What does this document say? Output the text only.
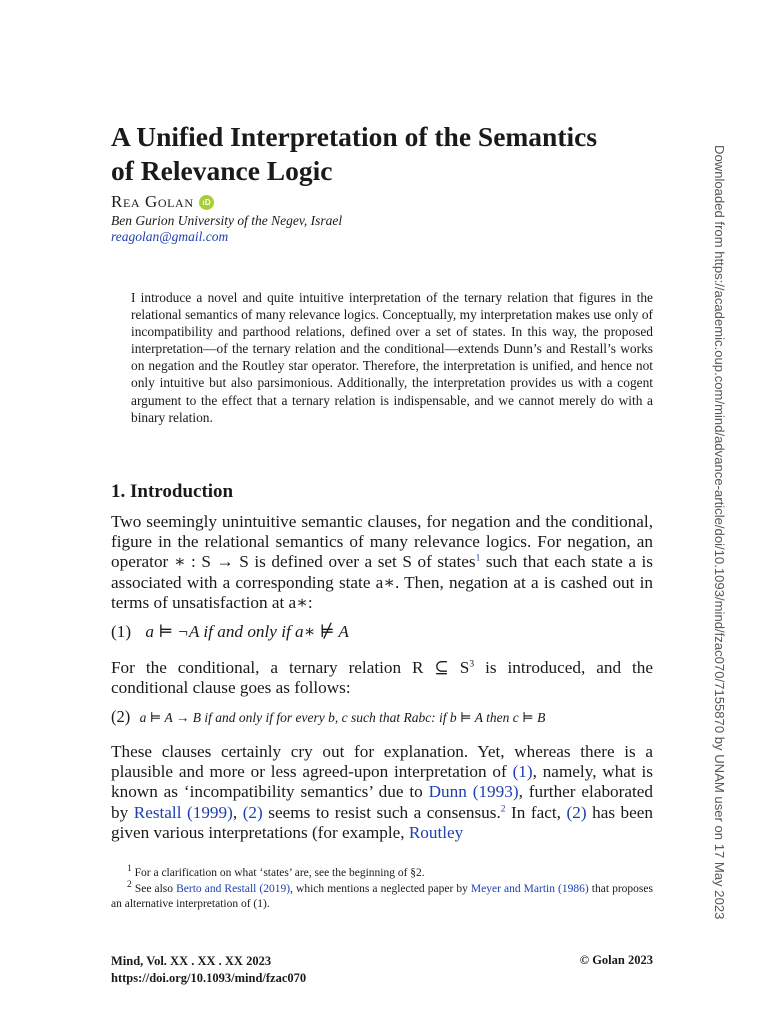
Downloaded from https://academic.oup.com/mind/advance-article/doi/10.1093/mind/fzac070/7155870 by UNAM user on 17 May 2023
A Unified Interpretation of the Semantics
of Relevance Logic
Rea Golan iD
Ben Gurion University of the Negev, Israel
reagolan@gmail.com

I introduce a novel and quite intuitive interpretation of the ternary relation that figures in the relational semantics of many relevance logics. Conceptually, my interpretation makes use only of incompatibility and parthood relations, defined over a set of states. In this way, the proposed interpretation—of the ternary relation and the conditional—extends Dunn’s and Restall’s works on negation and the Routley star operator. Therefore, the interpretation is unified, and hence not only intuitive but also parsimonious. Additionally, the interpretation provides us with a cogent argument to the effect that a ternary relation is indispensable, and we cannot merely do with a binary relation.

1. Introduction

Two seemingly unintuitive semantic clauses, for negation and the conditional, figure in the relational semantics of many relevance logics. For negation, an operator ∗ : S → S is defined over a set S of states$^1$ such that each state a is associated with a corresponding state a∗. Then, negation at a is cashed out in terms of unsatisfaction at a∗:

(1) a ⊨ ¬A if and only if a∗ ⊭ A

For the conditional, a ternary relation R ⊆ $S^3$ is introduced, and the conditional clause goes as follows:

(2) a ⊨ A → B if and only if for every b, c such that Rabc: if b ⊨ A then c ⊨ B

These clauses certainly cry out for explanation. Yet, whereas there is a plausible and more or less agreed-upon interpretation of (1), namely, what is known as ‘incompatibility semantics’ due to Dunn (1993), further elaborated by Restall (1999), (2) seems to resist such a consensus.$^2$ In fact, (2) has been given various interpretations (for example, Routley

$^1$ For a clarification on what ‘states’ are, see the beginning of §2.

$^2$ See also Berto and Restall (2019), which mentions a neglected paper by Meyer and Martin (1986) that proposes an alternative interpretation of (1).

Mind, Vol. XX . XX . XX 2023
https://doi.org/10.1093/mind/fzac070
© Golan 2023
